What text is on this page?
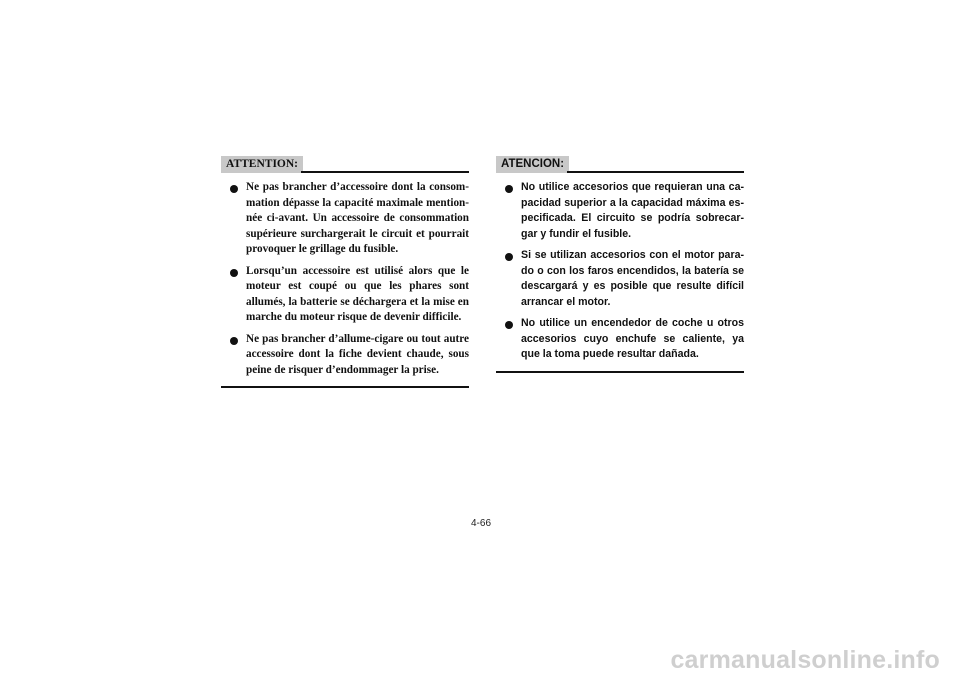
ATTENTION:
Ne pas brancher d’accessoire dont la consommation dépasse la capacité maximale mentionnée ci-avant. Un accessoire de consommation supérieure surchargerait le circuit et pourrait provoquer le grillage du fusible.
Lorsqu’un accessoire est utilisé alors que le moteur est coupé ou que les phares sont allumés, la batterie se déchargera et la mise en marche du moteur risque de devenir difficile.
Ne pas brancher d’allume-cigare ou tout autre accessoire dont la fiche devient chaude, sous peine de risquer d’endommager la prise.
ATENCION:
No utilice accesorios que requieran una capacidad superior a la capacidad máxima especificada. El circuito se podría sobrecargar y fundir el fusible.
Si se utilizan accesorios con el motor parado o con los faros encendidos, la batería se descargará y es posible que resulte difícil arrancar el motor.
No utilice un encendedor de coche u otros accesorios cuyo enchufe se caliente, ya que la toma puede resultar dañada.
4-66
carmanualsonline.info
